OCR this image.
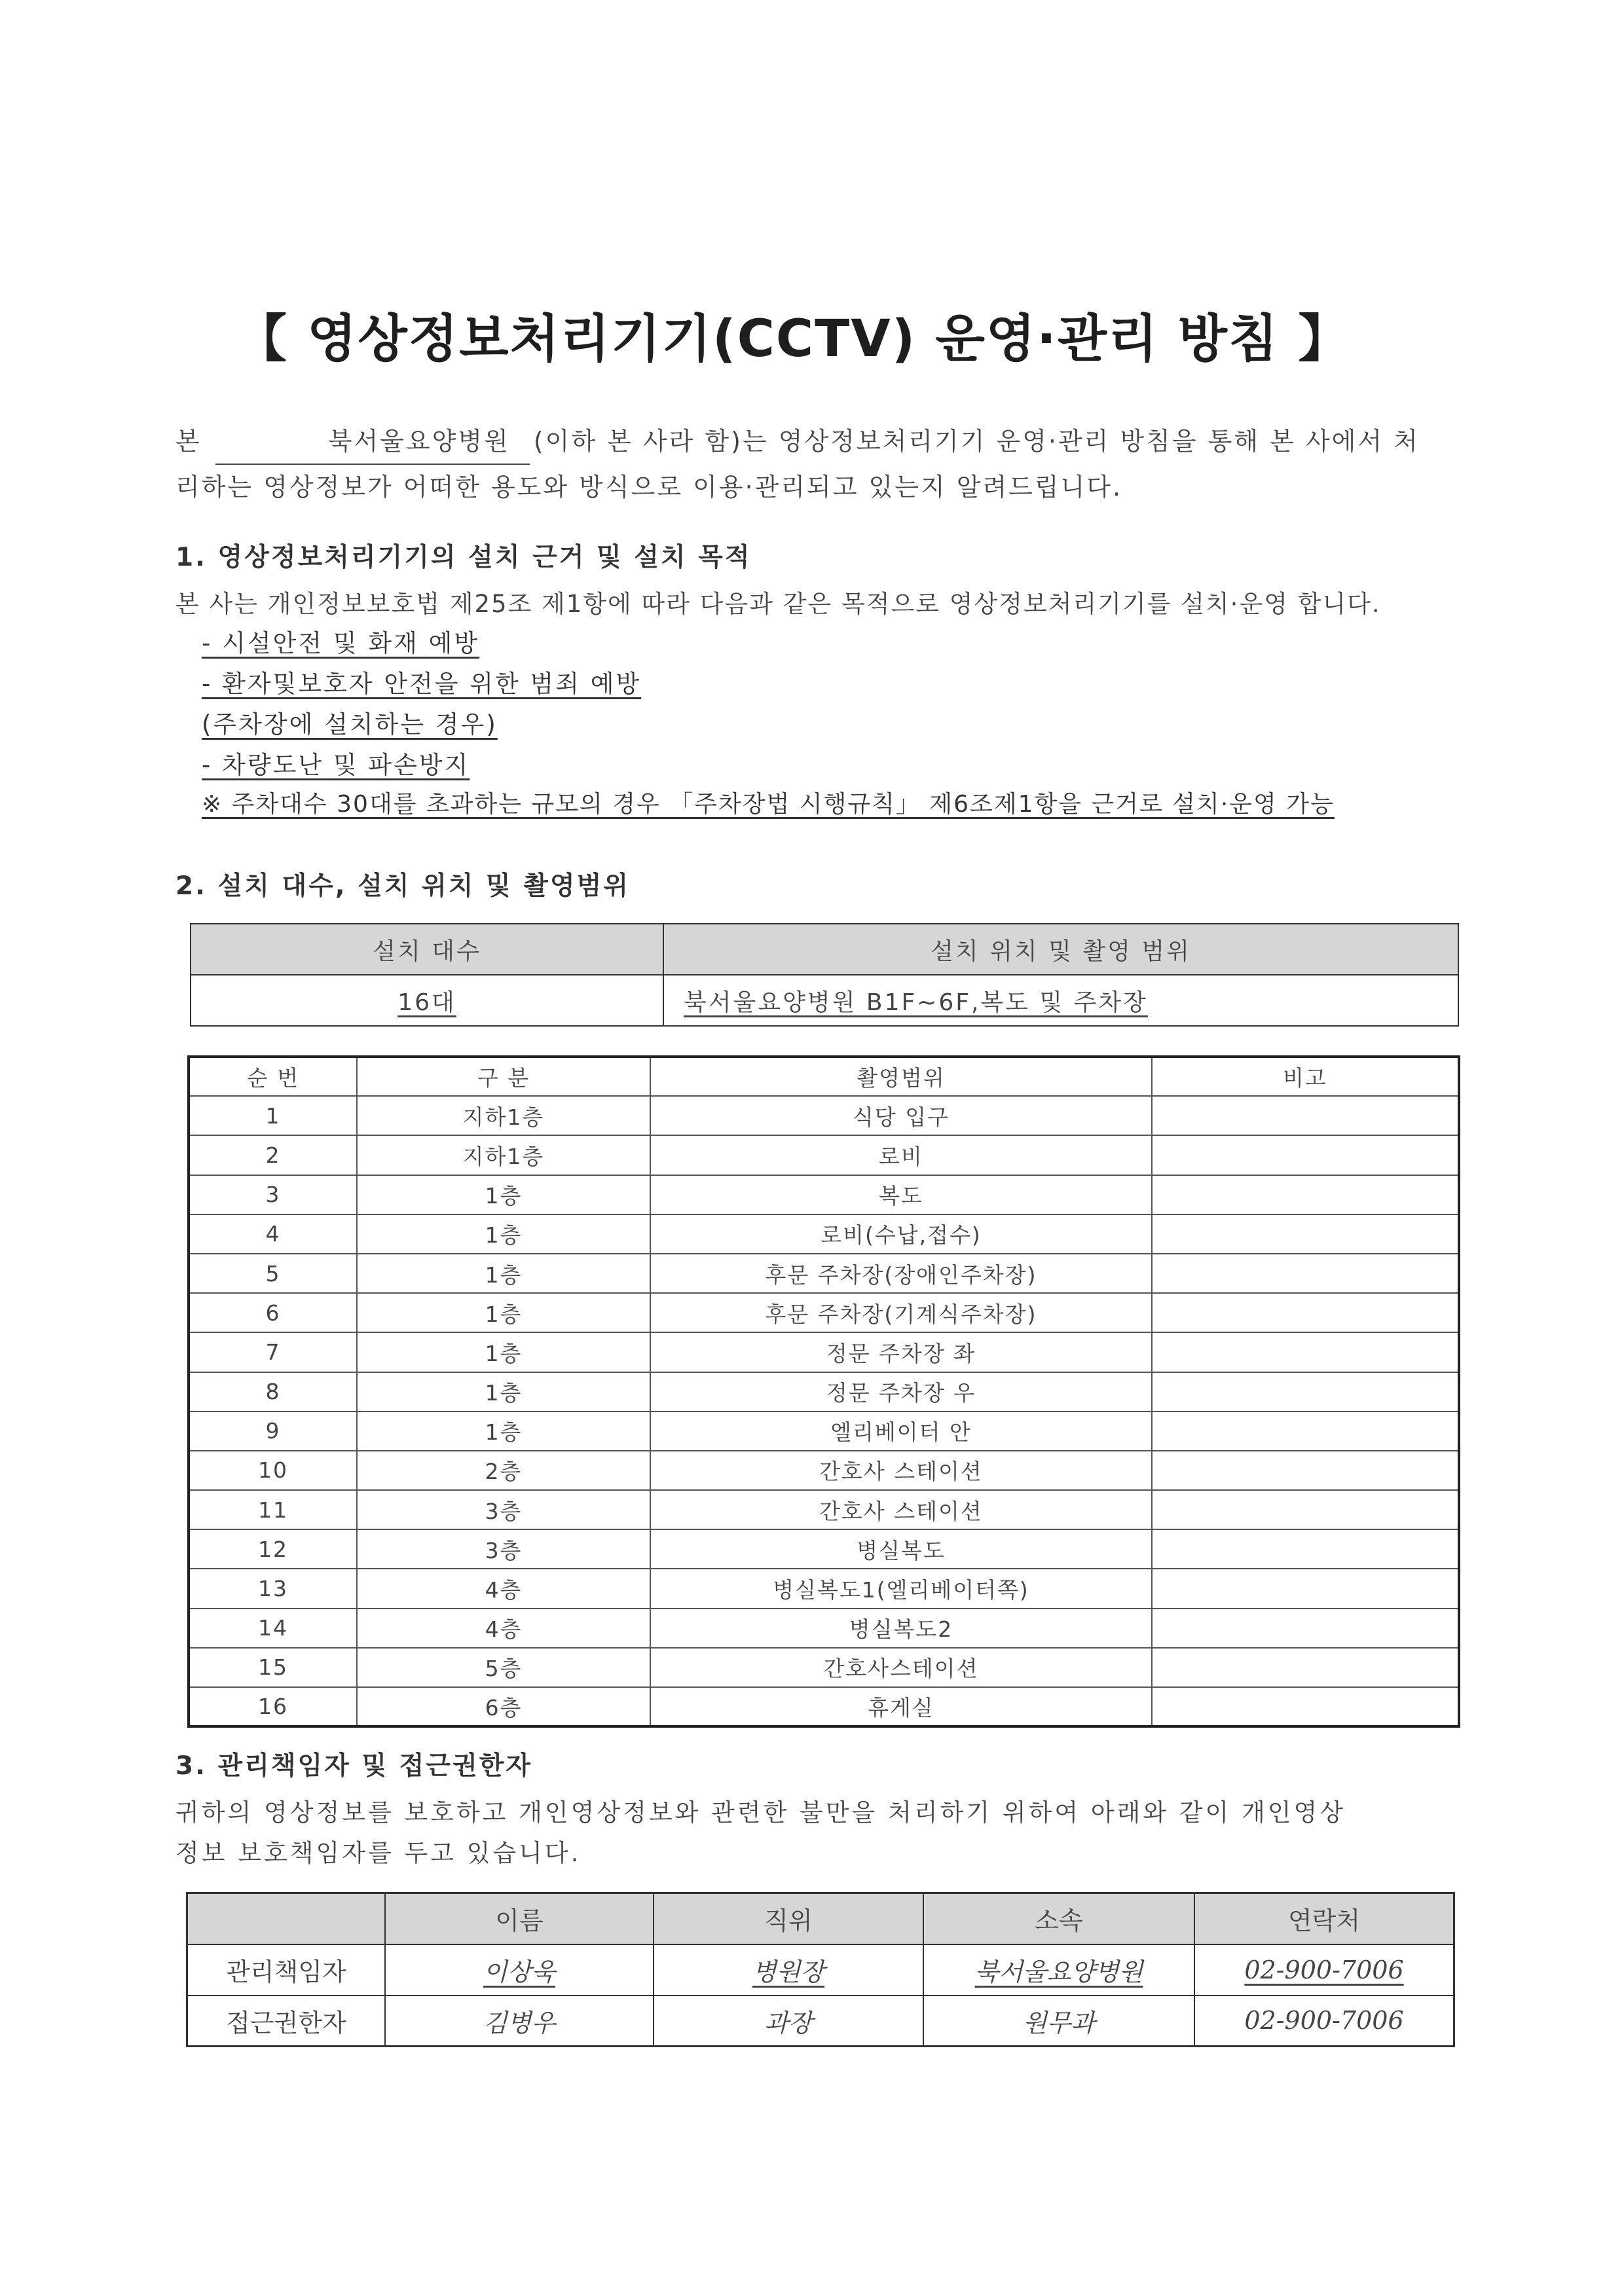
【 영상정보처리기기(CCTV) 운영·관리 방침 】
본	북서울요양병원 (이하 본 사라 함)는 영상정보처리기기 운영·관리 방침을 통해 본 사에서 처
리하는 영상정보가 어떠한 용도와 방식으로 이용·관리되고 있는지 알려드립니다.
1. 영상정보처리기기의 설치 근거 및 설치 목적
본 사는 개인정보보호법 제25조 제1항에 따라 다음과 같은 목적으로 영상정보처리기기를 설치·운영 합니다.
- 시설안전 및 화재 예방
- 환자및보호자 안전을 위한 범죄 예방
(주차장에 설치하는 경우)
- 차량도난 및 파손방지
※ 주차대수 30대를 초과하는 규모의 경우 「주차장법 시행규칙」 제6조제1항을 근거로 설치·운영 가능
2. 설치 대수, 설치 위치 및 촬영범위
설치 대수	설치 위치 및 촬영 범위
16대	북서울요양병원 B1F~6F,복도 및 주차장
순 번	구 분	촬영범위	비고
1	지하1층	식당 입구	
2	지하1층	로비	
3	1층	복도	
4	1층	로비(수납,접수)	
5	1층	후문 주차장(장애인주차장)	
6	1층	후문 주차장(기계식주차장)	
7	1층	정문 주차장 좌	
8	1층	정문 주차장 우	
9	1층	엘리베이터 안	
10	2층	간호사 스테이션	
11	3층	간호사 스테이션	
12	3층	병실복도	
13	4층	병실복도1(엘리베이터쪽)	
14	4층	병실복도2	
15	5층	간호사스테이션	
16	6층	휴게실	
3. 관리책임자 및 접근권한자
귀하의 영상정보를 보호하고 개인영상정보와 관련한 불만을 처리하기 위하여 아래와 같이 개인영상
정보 보호책임자를 두고 있습니다.
	이름	직위	소속	연락처
관리책임자	이상욱	병원장	북서울요양병원	02-900-7006
접근권한자	김병우	과장	원무과	02-900-7006
